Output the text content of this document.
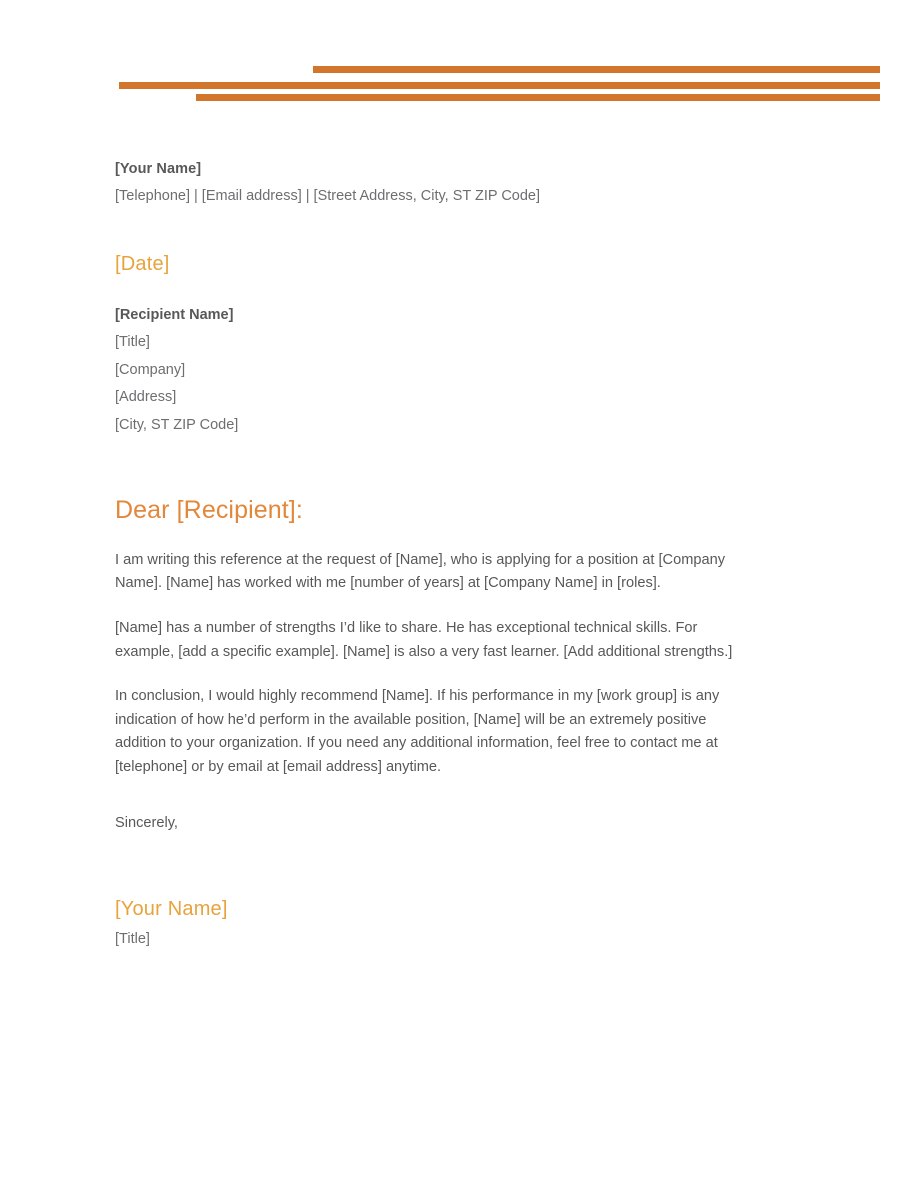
[Your Name]
[Telephone] | [Email address] | [Street Address, City, ST ZIP Code]
[Date]
[Recipient Name]
[Title]
[Company]
[Address]
[City, ST ZIP Code]
Dear [Recipient]:
I am writing this reference at the request of [Name], who is applying for a position at [Company Name]. [Name] has worked with me [number of years] at [Company Name] in [roles].
[Name] has a number of strengths I’d like to share. He has exceptional technical skills. For example, [add a specific example]. [Name] is also a very fast learner. [Add additional strengths.]
In conclusion, I would highly recommend [Name]. If his performance in my [work group] is any indication of how he’d perform in the available position, [Name] will be an extremely positive addition to your organization. If you need any additional information, feel free to contact me at [telephone] or by email at [email address] anytime.
Sincerely,
[Your Name]
[Title]
